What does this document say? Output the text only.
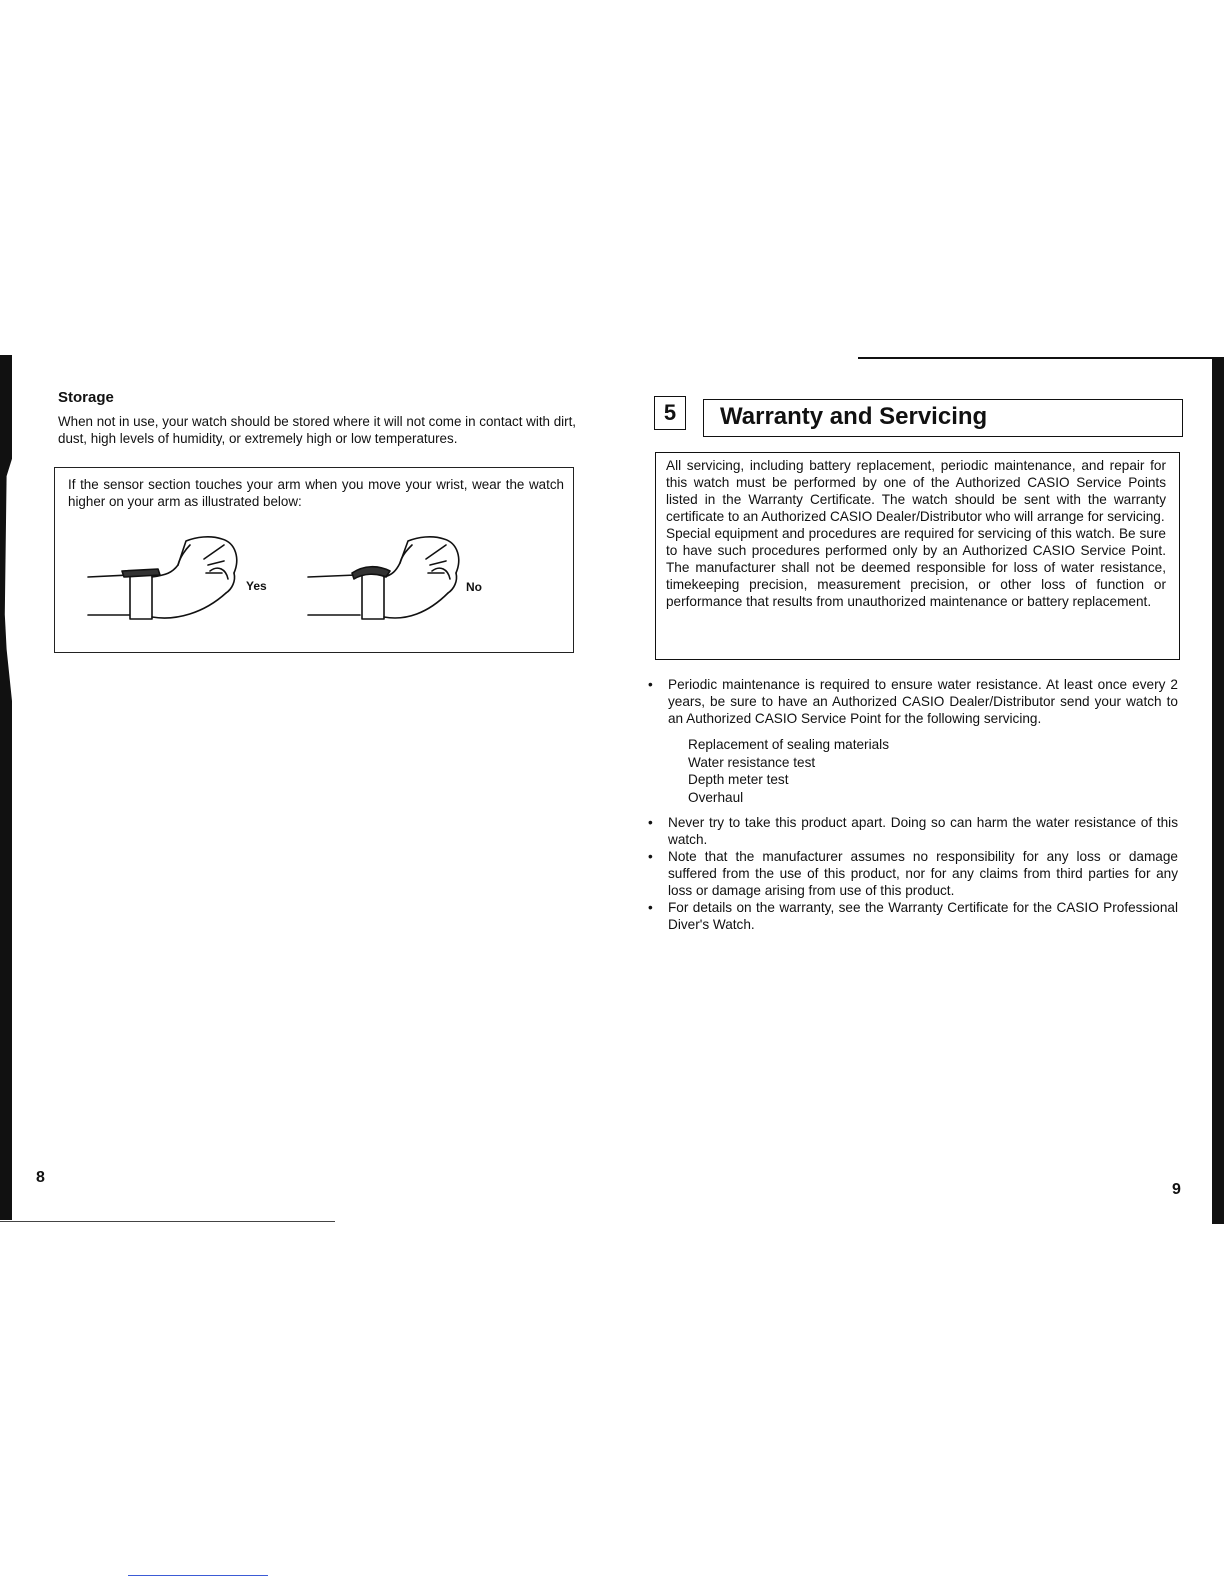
Storage
When not in use, your watch should be stored where it will not come in contact with dirt, dust, high levels of humidity, or extremely high or low temperatures.
If the sensor section touches your arm when you move your wrist, wear the watch higher on your arm as illustrated below:
Yes	No
8
5	Warranty and Servicing

All servicing, including battery replacement, periodic maintenance, and repair for this watch must be performed by one of the Authorized CASIO Service Points listed in the Warranty Certificate. The watch should be sent with the warranty certificate to an Authorized CASIO Dealer/Distributor who will arrange for servicing.

Special equipment and procedures are required for servicing of this watch. Be sure to have such procedures performed only by an Authorized CASIO Service Point. The manufacturer shall not be deemed responsible for loss of water resistance, timekeeping precision, measurement precision, or other loss of function or performance that results from unauthorized maintenance or battery replacement.

• Periodic maintenance is required to ensure water resistance. At least once every 2 years, be sure to have an Authorized CASIO Dealer/Distributor send your watch to an Authorized CASIO Service Point for the following servicing.
Replacement of sealing materials
Water resistance test
Depth meter test
Overhaul
• Never try to take this product apart. Doing so can harm the water resistance of this watch.
• Note that the manufacturer assumes no responsibility for any loss or damage suffered from the use of this product, nor for any claims from third parties for any loss or damage arising from use of this product.
• For details on the warranty, see the Warranty Certificate for the CASIO Professional Diver's Watch.
9
